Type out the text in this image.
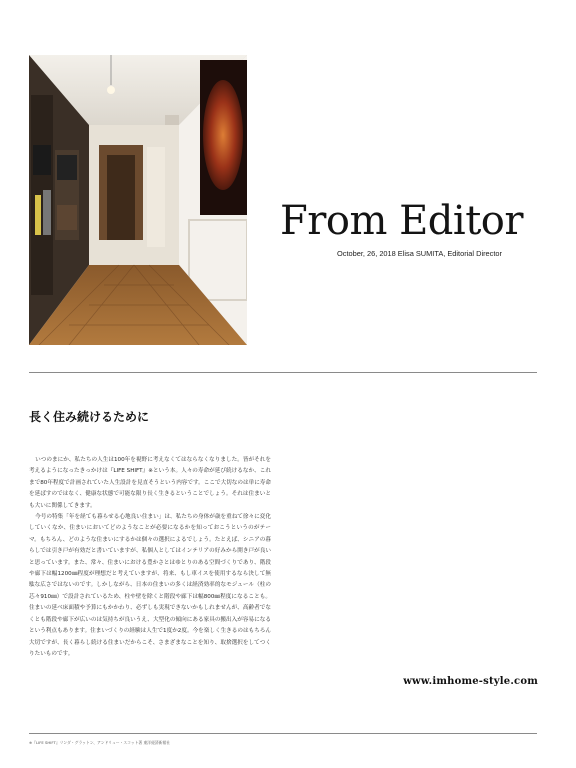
From Editor
October, 26, 2018 Elisa SUMITA, Editorial Director
長く住み続けるために

いつのまにか、私たちの人生は100年を視野に考えなくてはならなくなりました。皆がそれを考えるようになったきっかけは『LIFE SHIFT』※という本。人々の寿命が延び続けるなか、これまで80年程度で計画されていた人生設計を見直そうという内容です。ここで大切なのは単に寿命を延ばすのではなく、健康な状態で可能な限り長く生きるということでしょう。それは住まいとも大いに関係してきます。

今号の特集「年を経ても暮らせる心地良い住まい」は、私たちの身体が歳を重ねて徐々に変化していくなか、住まいにおいてどのようなことが必要になるかを知っておこうというのがテーマ。もちろん、どのような住まいにするかは個々の選択によるでしょう。たとえば、シニアの暮らしでは引き戸が有効だと書いていますが、私個人としてはインテリアの好みから開き戸が良いと思っています。また、常々、住まいにおける豊かさとはゆとりのある空間づくりであり、階段や廊下は幅1200㎜程度が理想だと考えていますが、将来、もし車イスを使用するなら決して無駄な広さではないのです。しかしながら、日本の住まいの多くは経済効率的なモジュール（柱の芯々910㎜）で設計されているため、柱や壁を除くと階段や廊下は幅800㎜程度になることも。住まいの延べ床面積や予算にもかかわり、必ずしも実現できないかもしれませんが、高齢者でなくとも階段や廊下が広いのは気持ちが良いうえ、大型化の傾向にある家具の搬出入が容易になるという利点もあります。住まいづくりの経験は人生で1度か2度。今を楽しく生きるのはもちろん大切ですが、長く暮らし続ける住まいだからこそ、さまざまなことを知り、取捨選択をしてつくりたいものです。

www.imhome-style.com
※『LIFE SHIFT』リンダ・グラットン、アンドリュー・スコット著 東洋経済新報社
